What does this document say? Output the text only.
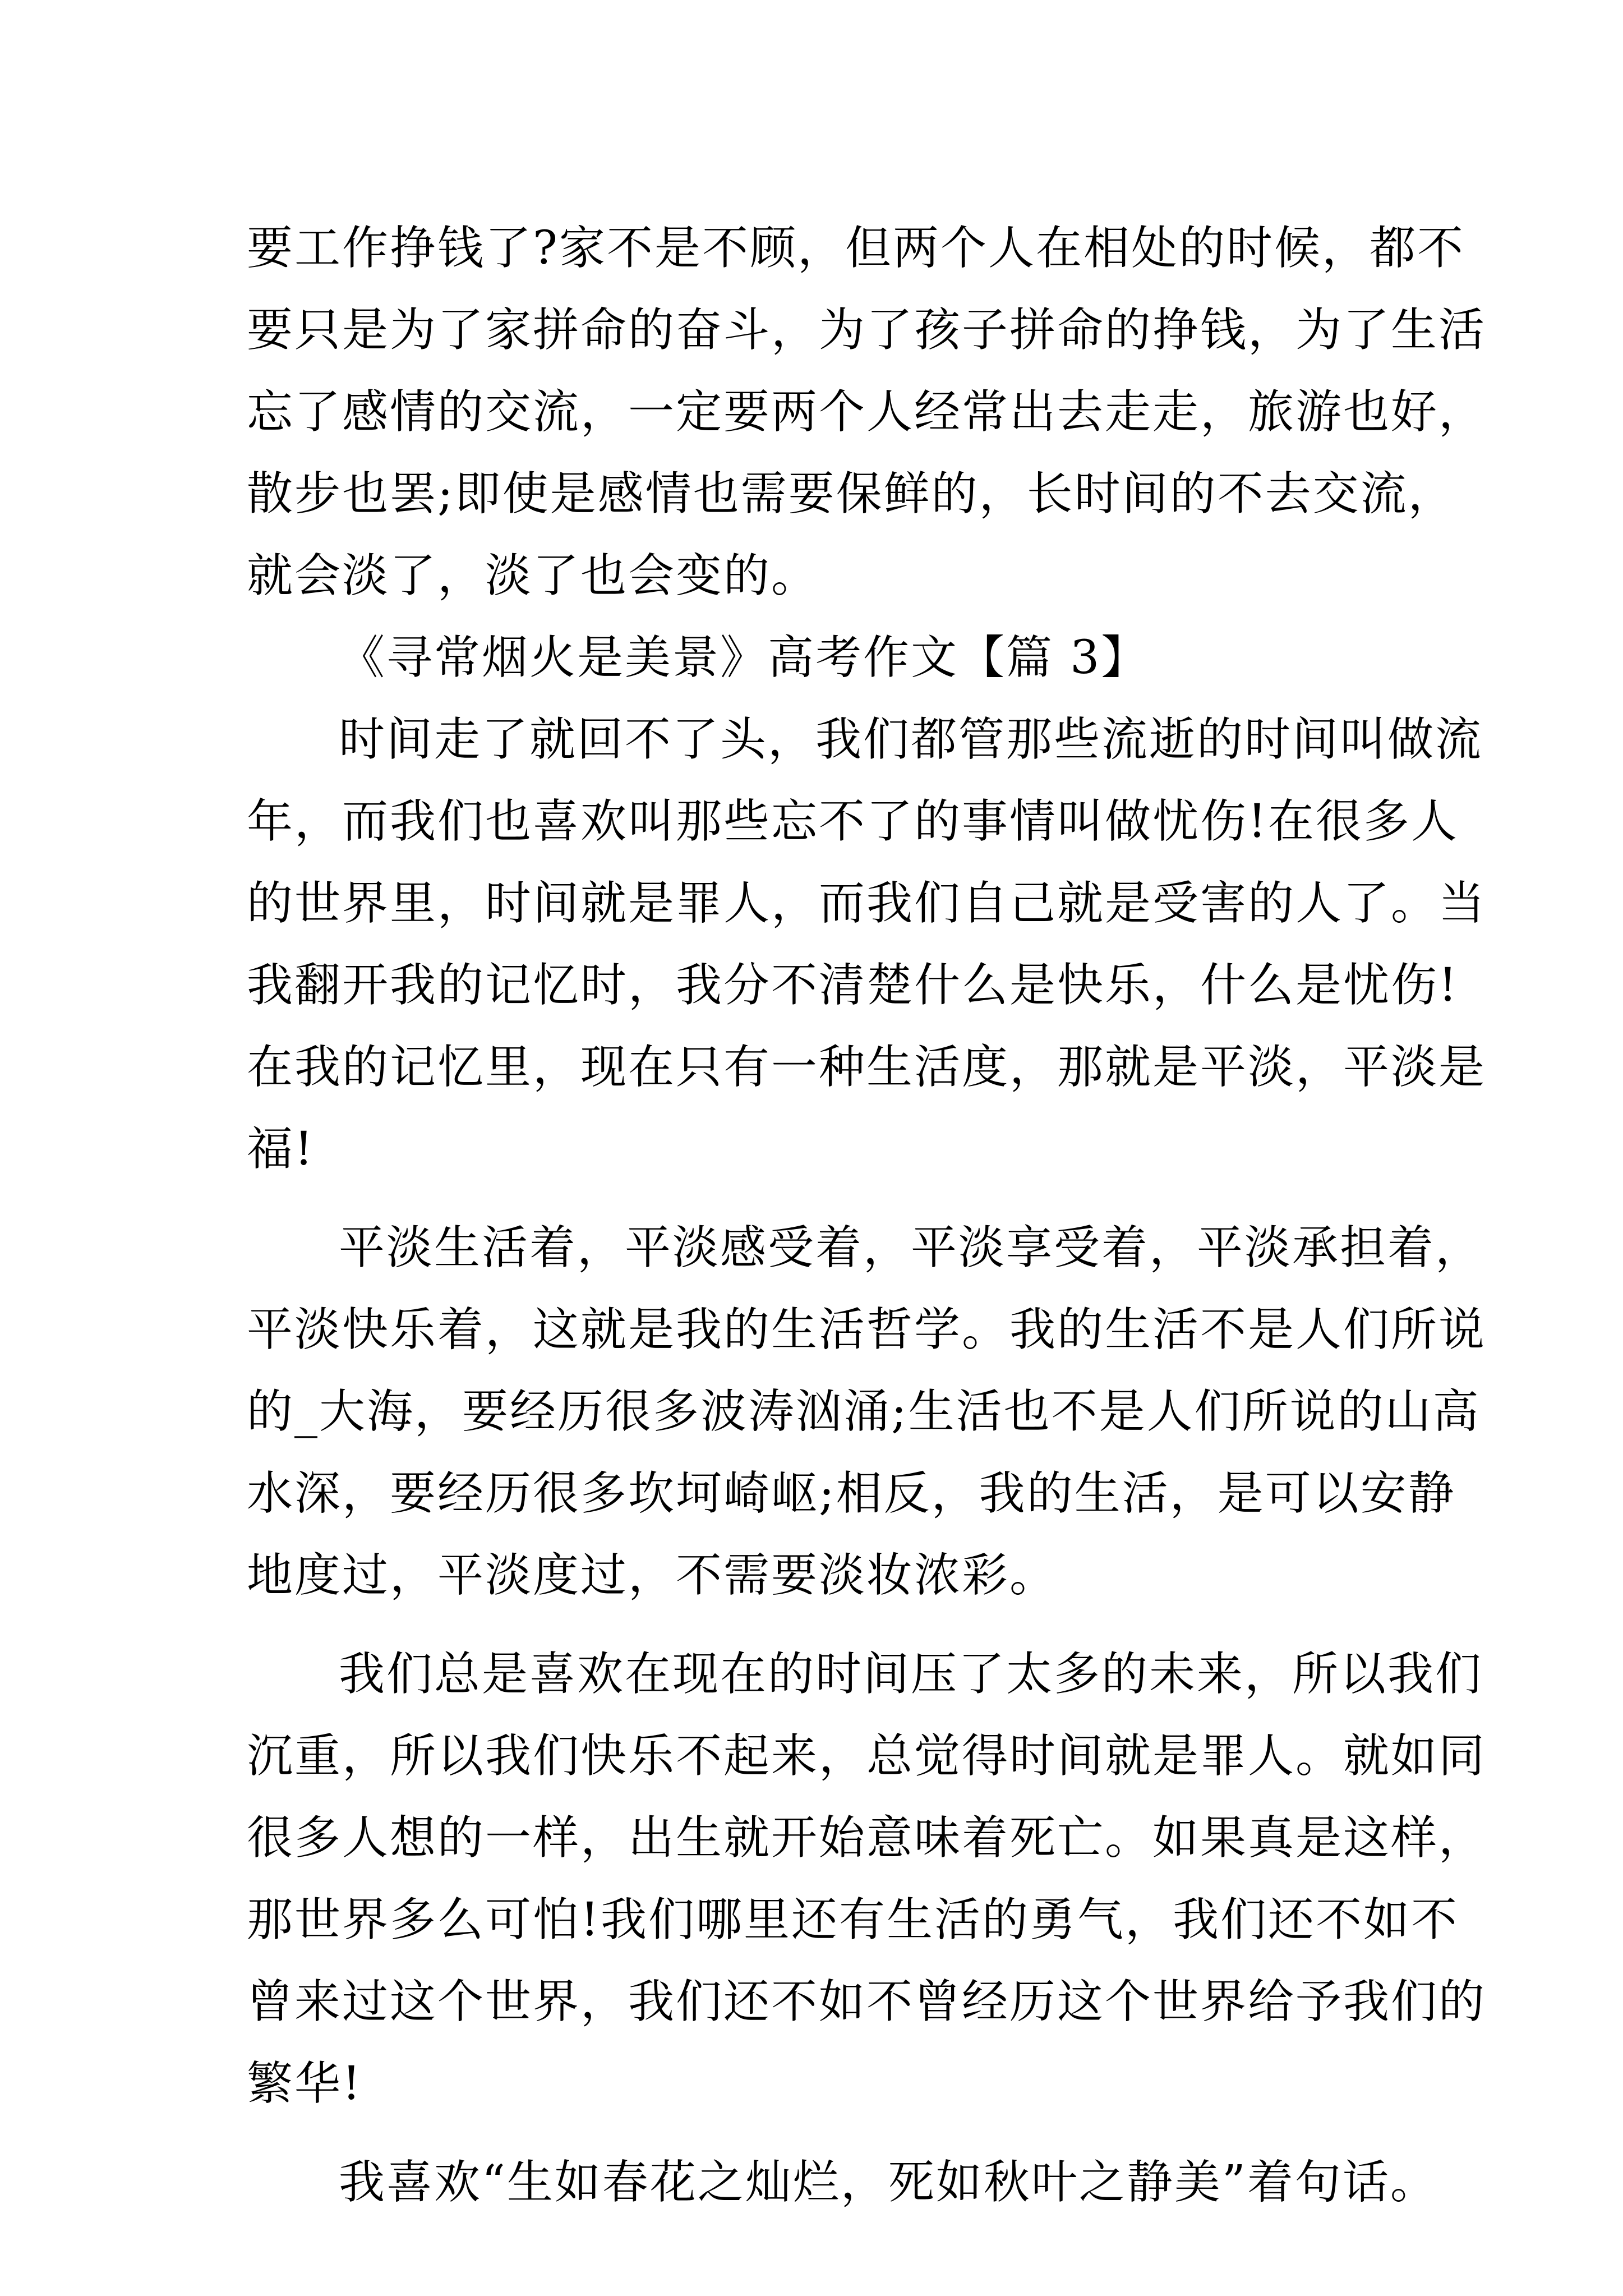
要工作挣钱了?家不是不顾，但两个人在相处的时候，都不
要只是为了家拼命的奋斗，为了孩子拼命的挣钱，为了生活
忘了感情的交流，一定要两个人经常出去走走，旅游也好，
散步也罢;即使是感情也需要保鲜的，长时间的不去交流，
就会淡了，淡了也会变的。
《寻常烟火是美景》高考作文【篇 3】
时间走了就回不了头，我们都管那些流逝的时间叫做流
年，而我们也喜欢叫那些忘不了的事情叫做忧伤!在很多人
的世界里，时间就是罪人，而我们自己就是受害的人了。当
我翻开我的记忆时，我分不清楚什么是快乐，什么是忧伤!
在我的记忆里，现在只有一种生活度，那就是平淡，平淡是
福!
平淡生活着，平淡感受着，平淡享受着，平淡承担着，
平淡快乐着，这就是我的生活哲学。我的生活不是人们所说
的_大海，要经历很多波涛汹涌;生活也不是人们所说的山高
水深，要经历很多坎坷崎岖;相反，我的生活，是可以安静
地度过，平淡度过，不需要淡妆浓彩。
我们总是喜欢在现在的时间压了太多的未来，所以我们
沉重，所以我们快乐不起来，总觉得时间就是罪人。就如同
很多人想的一样，出生就开始意味着死亡。如果真是这样，
那世界多么可怕!我们哪里还有生活的勇气，我们还不如不
曾来过这个世界，我们还不如不曾经历这个世界给予我们的
繁华!
我喜欢“生如春花之灿烂，死如秋叶之静美”着句话。
